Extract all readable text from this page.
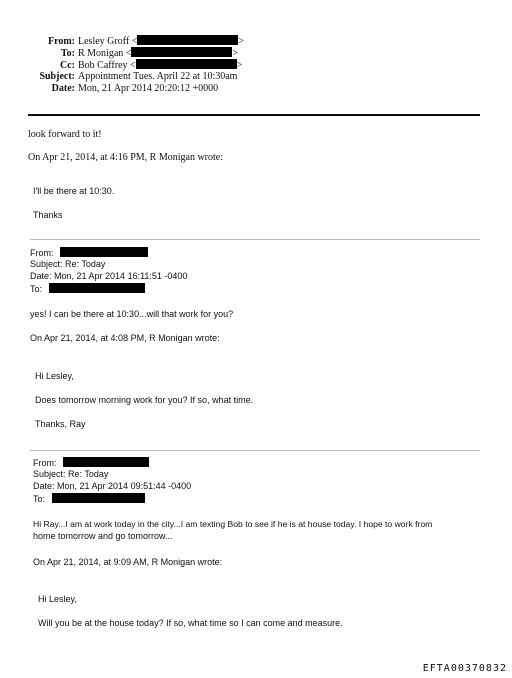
From: Lesley Groff <	>
To: R Monigan <	>
Cc: Bob Caffrey <	>
Subject: Appointment Tues. April 22 at 10:30am
Date: Mon, 21 Apr 2014 20:20:12 +0000
look forward to it!
On Apr 21, 2014, at 4:16 PM, R Monigan wrote:
I'll be there at 10:30.
Thanks
From:
Subject: Re: Today
Date: Mon, 21 Apr 2014 16:11:51 -0400
To:
yes! I can be there at 10:30...will that work for you?
On Apr 21, 2014, at 4:08 PM, R Monigan wrote:
Hi Lesley,
Does tomorrow morning work for you? If so, what time.
Thanks, Ray
From:
Subject: Re: Today
Date: Mon, 21 Apr 2014 09:51:44 -0400
To:
Hi Ray...I am at work today in the city...I am texting Bob to see if he is at house today. I hope to work from
home tomorrow and go tomorrow...
On Apr 21, 2014, at 9:09 AM, R Monigan wrote:
Hi Lesley,
Will you be at the house today? If so, what time so I can come and measure.
EFTA00370832
